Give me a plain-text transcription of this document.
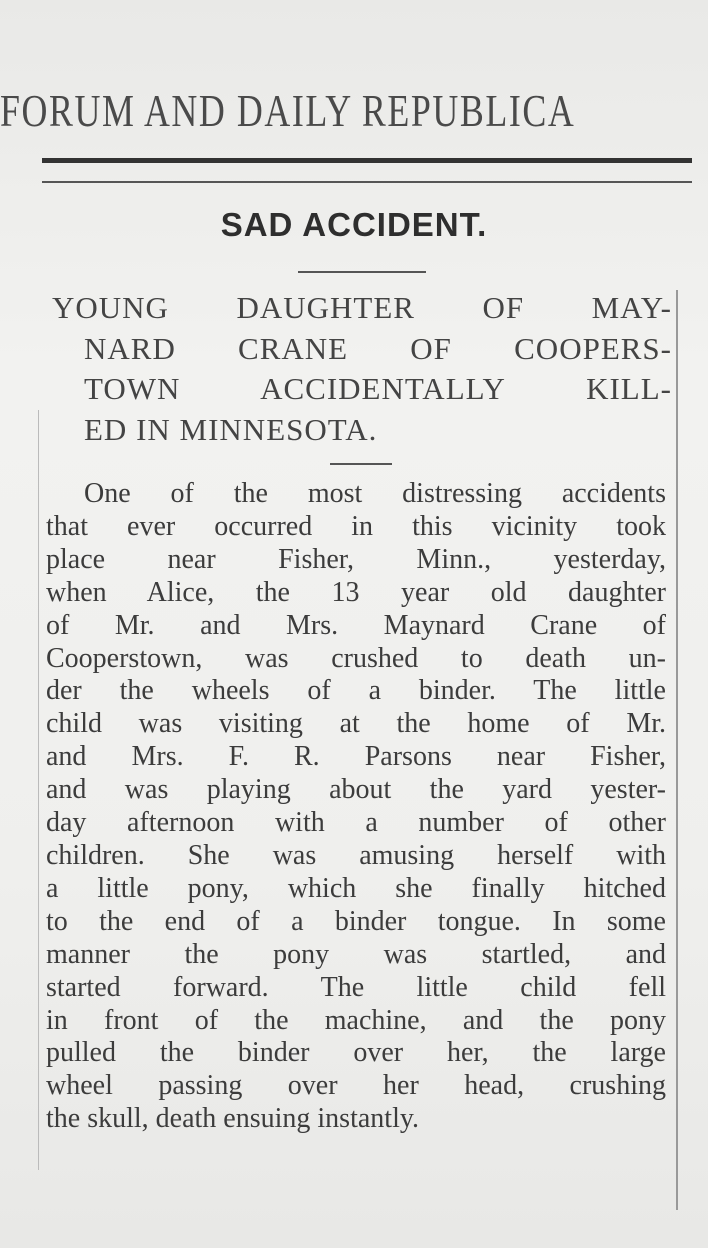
FORUM AND DAILY REPUBLICA
SAD ACCIDENT.
YOUNG DAUGHTER OF MAY-
NARD CRANE OF COOPERS-
TOWN ACCIDENTALLY KILL-
ED IN MINNESOTA.
One of the most distressing accidents
that ever occurred in this vicinity took
place near Fisher, Minn., yesterday,
when Alice, the 13 year old daughter
of Mr. and Mrs. Maynard Crane of
Cooperstown, was crushed to death un-
der the wheels of a binder. The little
child was visiting at the home of Mr.
and Mrs. F. R. Parsons near Fisher,
and was playing about the yard yester-
day afternoon with a number of other
children. She was amusing herself with
a little pony, which she finally hitched
to the end of a binder tongue. In some
manner the pony was startled, and
started forward. The little child fell
in front of the machine, and the pony
pulled the binder over her, the large
wheel passing over her head, crushing
the skull, death ensuing instantly.
